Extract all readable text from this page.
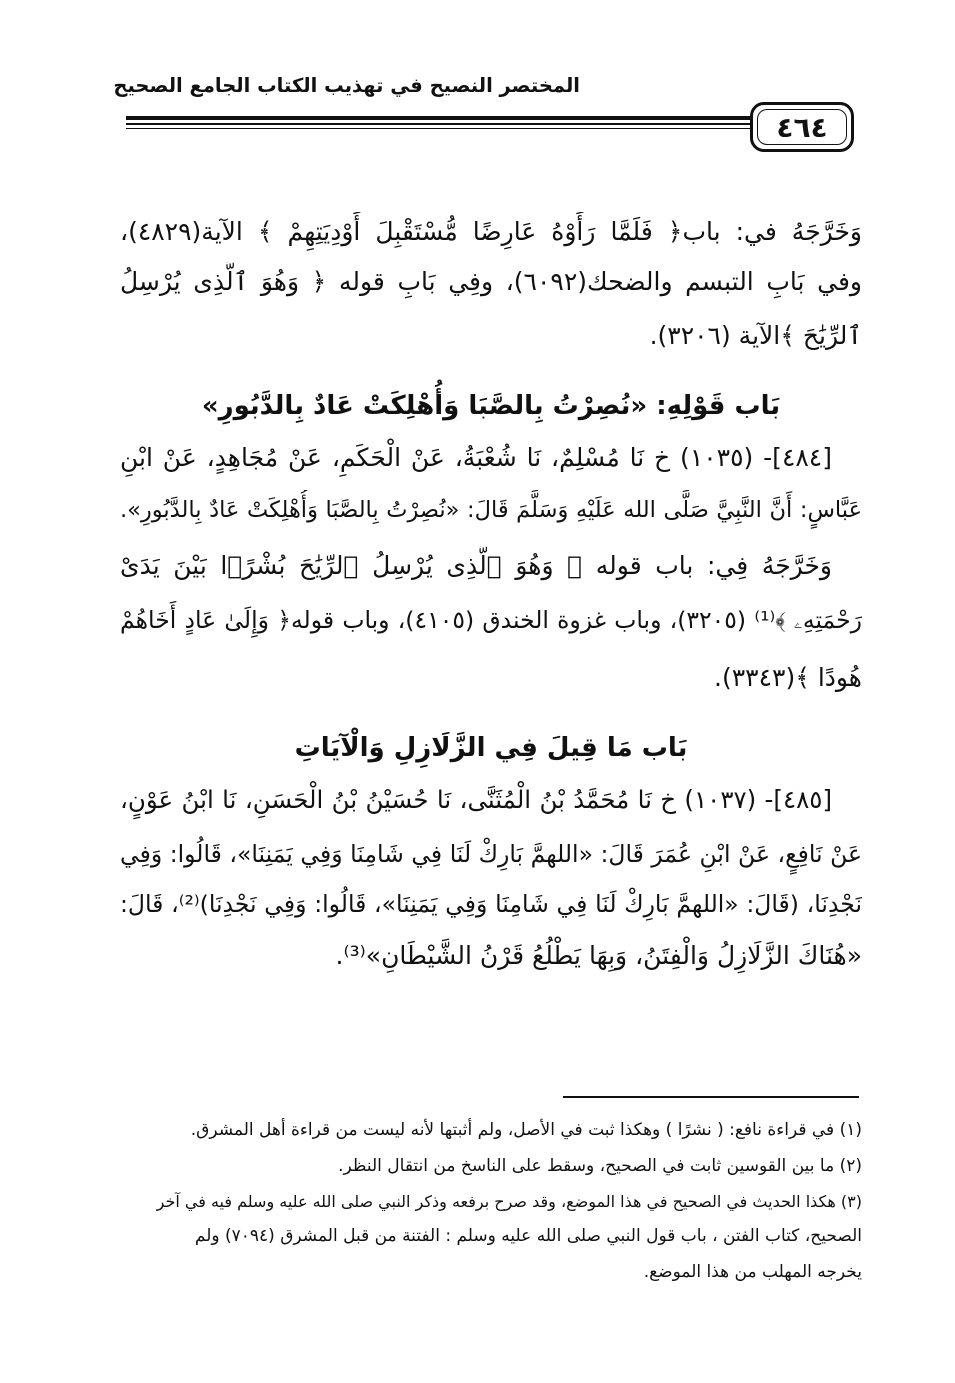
المختصر النصيح في تهذيب الكتاب الجامع الصحيح
٤٦٤
وَخَرَّجَهُ في: باب﴿ فَلَمَّا رَأَوْهُ عَارِضًا مُّسْتَقْبِلَ أَوْدِيَتِهِمْ ﴾ الآية(٤٨٢٩)،
وفي بَابِ التبسم والضحك(٦٠٩٢)، وفِي بَابِ قوله ﴿ وَهُوَ ٱلَّذِى يُرْسِلُ
ٱلرِّيَٰحَ ﴾الآية (٣٢٠٦).
بَاب قَوْلِهِ: «نُصِرْتُ بِالصَّبَا وَأُهْلِكَتْ عَادٌ بِالدَّبُورِ»
[٤٨٤]- (١٠٣٥) خ نَا مُسْلِمٌ، نَا شُعْبَةُ، عَنْ الْحَكَمِ، عَنْ مُجَاهِدٍ، عَنْ ابْنِ
عَبَّاسٍ: أَنَّ النَّبِيَّ صَلَّى الله عَلَيْهِ وَسَلَّمَ قَالَ: «نُصِرْتُ بِالصَّبَا وَأُهْلِكَتْ عَادٌ بِالدَّبُورِ».
وَخَرَّجَهُ فِي: باب قوله ﴿ وَهُوَ ٱلَّذِى يُرْسِلُ ٱلرِّيَٰحَ بُشْرًۢا بَيْنَ يَدَىْ
رَحْمَتِهِۦ ﴾⁽¹⁾ (٣٢٠٥)، وباب غزوة الخندق (٤١٠٥)، وباب قوله﴿ وَإِلَىٰ عَادٍ أَخَاهُمْ
هُودًا ﴾(٣٣٤٣).
بَاب مَا قِيلَ فِي الزَّلَازِلِ وَالْآيَاتِ
[٤٨٥]- (١٠٣٧) خ نَا مُحَمَّدُ بْنُ الْمُثَنَّى، نَا حُسَيْنُ بْنُ الْحَسَنِ، نَا ابْنُ عَوْنٍ،
عَنْ نَافِعٍ، عَنْ ابْنِ عُمَرَ قَالَ: «اللهمَّ بَارِكْ لَنَا فِي شَامِنَا وَفِي يَمَنِنَا»، قَالُوا: وَفِي
نَجْدِنَا، (قَالَ: «اللهمَّ بَارِكْ لَنَا فِي شَامِنَا وَفِي يَمَنِنَا»، قَالُوا: وَفِي نَجْدِنَا)⁽²⁾، قَالَ:
«هُنَاكَ الزَّلَازِلُ وَالْفِتَنُ، وَبِهَا يَطْلُعُ قَرْنُ الشَّيْطَانِ»⁽³⁾.
(١) في قراءة نافع: ( نشرًا ) وهكذا ثبت في الأصل، ولم أثبتها لأنه ليست من قراءة أهل المشرق.
(٢) ما بين القوسين ثابت في الصحيح، وسقط على الناسخ من انتقال النظر.
(٣) هكذا الحديث في الصحيح في هذا الموضع، وقد صرح برفعه وذكر النبي صلى الله عليه وسلم فيه في آخر
الصحيح، كتاب الفتن ، باب قول النبي صلى الله عليه وسلم : الفتنة من قبل المشرق (٧٠٩٤) ولم
يخرجه المهلب من هذا الموضع.
